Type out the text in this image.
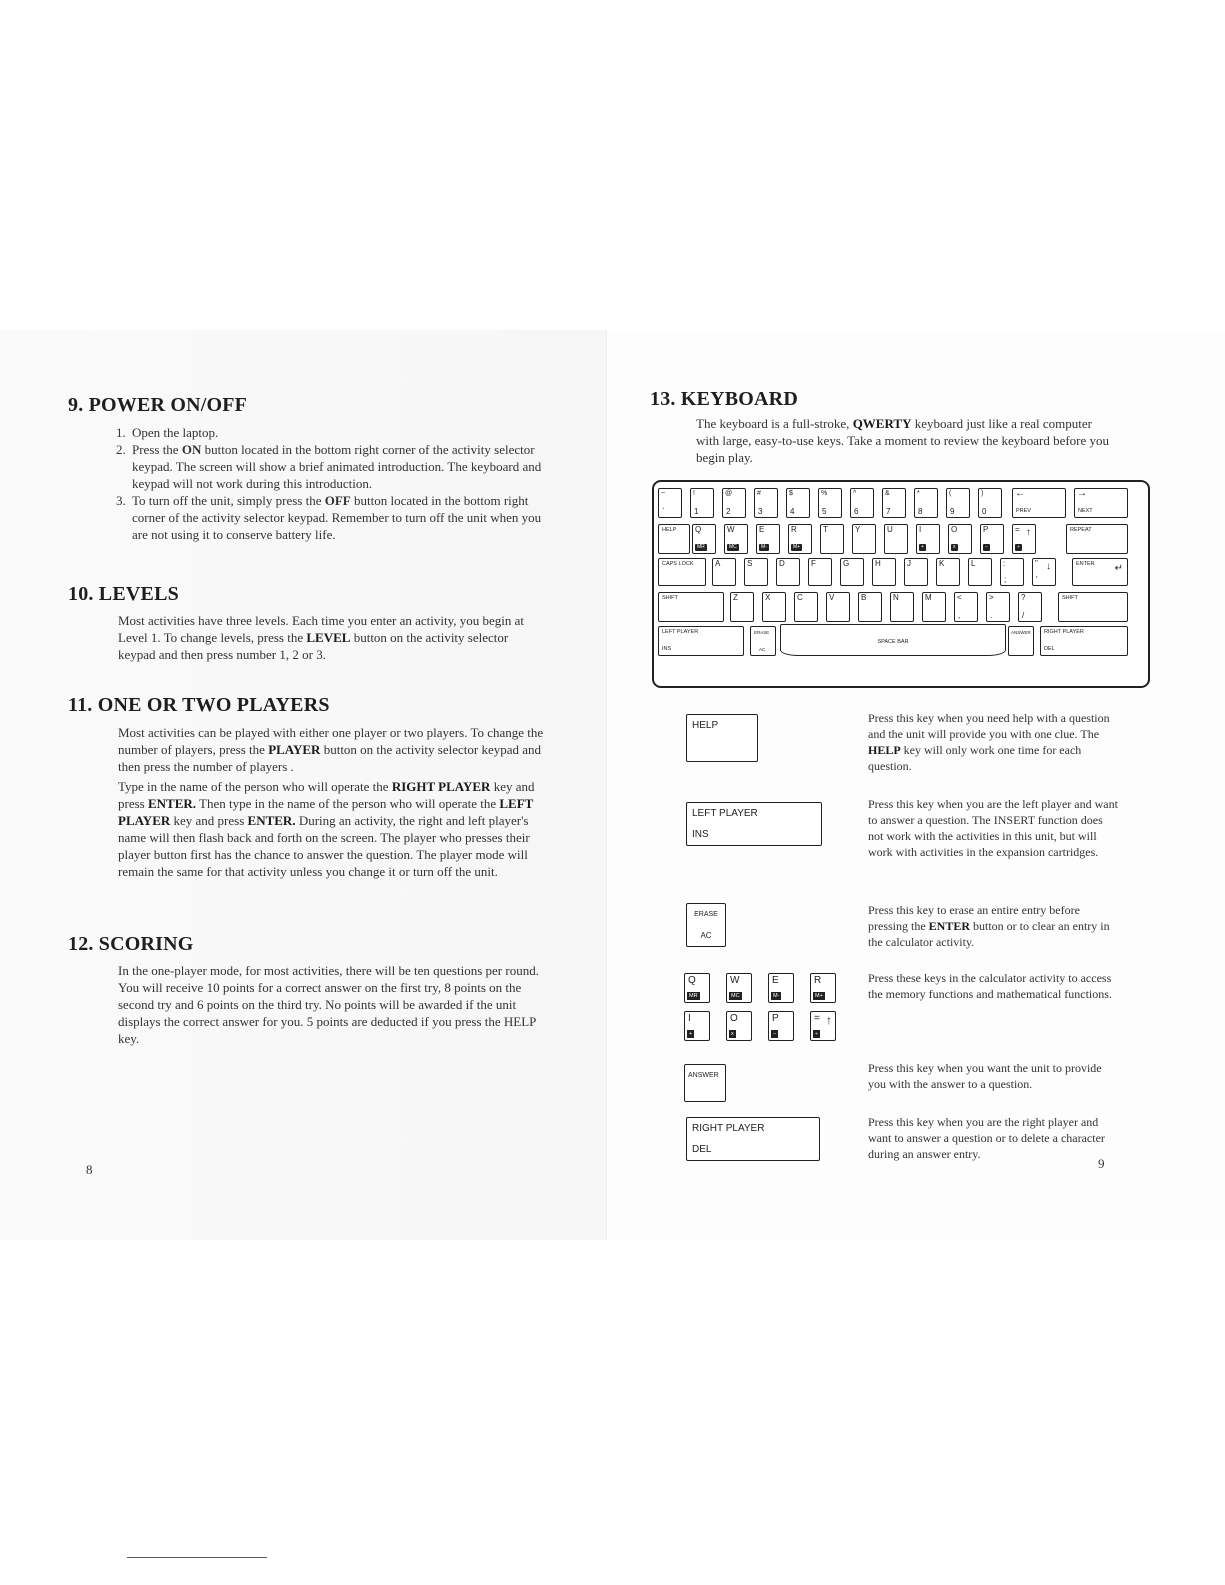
9. POWER ON/OFF
1. Open the laptop.
2. Press the ON button located in the bottom right corner of the activity selector keypad. The screen will show a brief animated introduction. The keyboard and keypad will not work during this introduction.
3. To turn off the unit, simply press the OFF button located in the bottom right corner of the activity selector keypad. Remember to turn off the unit when you are not using it to conserve battery life.
10. LEVELS
Most activities have three levels. Each time you enter an activity, you begin at Level 1. To change levels, press the LEVEL button on the activity selector keypad and then press number 1, 2 or 3.
11. ONE OR TWO PLAYERS
Most activities can be played with either one player or two players. To change the number of players, press the PLAYER button on the activity selector keypad and then press the number of players .
Type in the name of the person who will operate the RIGHT PLAYER key and press ENTER. Then type in the name of the person who will operate the LEFT PLAYER key and press ENTER. During an activity, the right and left player's name will then flash back and forth on the screen. The player who presses their player button first has the chance to answer the question. The player mode will remain the same for that activity unless you change it or turn off the unit.
12. SCORING
In the one-player mode, for most activities, there will be ten questions per round. You will receive 10 points for a correct answer on the first try, 8 points on the second try and 6 points on the third try. No points will be awarded if the unit displays the correct answer for you. 5 points are deducted if you press the HELP key.
8
13. KEYBOARD
The keyboard is a full-stroke, QWERTY keyboard just like a real computer with large, easy-to-use keys. Take a moment to review the keyboard before you begin play.
~
`
!
1
@
2
#
3
$
4
%
5
^
6
&
7
*
8
(
9
)
0
←
PREV
→
NEXT
HELP Q
MR
W
MC
E
M-
R
M+
T	Y	U	I
+
O
x
P
−
= ↑
÷
REPEAT
CAPS LOCK	A	S	D	F	G	H	J	K	L	:
;
"
'
↓	ENTER ↵
SHIFT	Z	X	C	V	B	N	M	<
,
>
.
?
/
SHIFT
LEFT PLAYER
INS
ERASE
AC
SPACE BAR
ANSWER RIGHT PLAYER
DEL
HELP
Press this key when you need help with a question and the unit will provide you with one clue. The HELP key will only work one time for each question.
LEFT PLAYER
INS
Press this key when you are the left player and want to answer a question. The INSERT function does not work with the activities in this unit, but will work with activities in the expansion cartridges.
ERASE
AC
Press this key to erase an entire entry before pressing the ENTER button or to clear an entry in the calculator activity.
Q
MR
W
MC
E
M-
R
M+
I
+
O
x
P
−
= ↑
÷
Press these keys in the calculator activity to access the memory functions and mathematical functions.
ANSWER
Press this key when you want the unit to provide you with the answer to a question.
RIGHT PLAYER
DEL
Press this key when you are the right player and want to answer a question or to delete a character during an answer entry.
9
